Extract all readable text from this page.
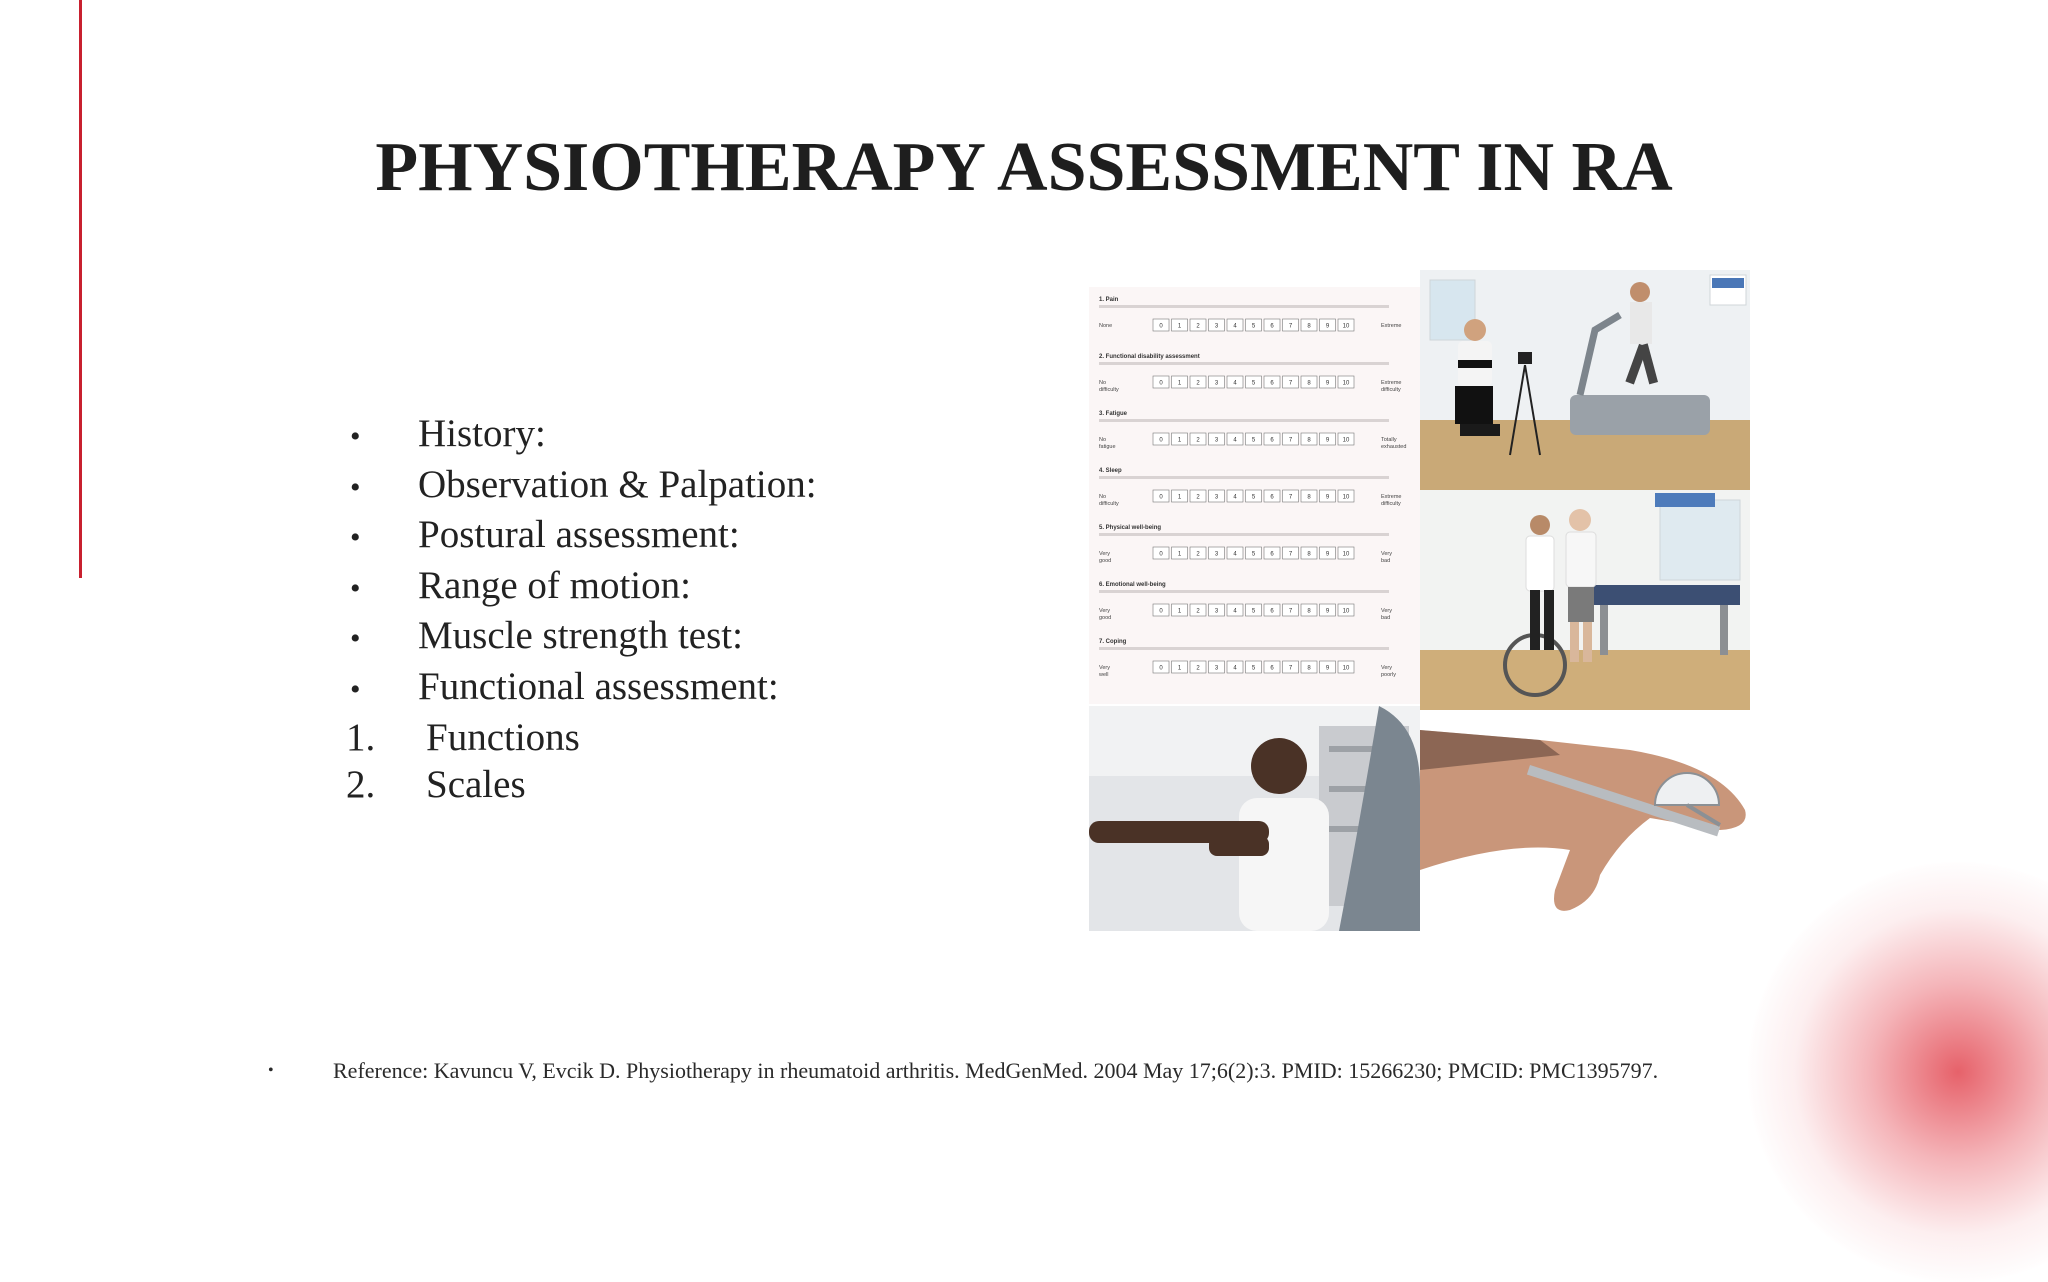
PHYSIOTHERAPY ASSESSMENT IN RA
•	History:
•	Observation & Palpation:
•	Postural assessment:
•	Range of motion:
•	Muscle strength test:
•	Functional assessment:
1.	Functions
2.	Scales
1. Pain
None	Extreme
0	1	2	3	4	5	6	7	8	9 10
2. Functional disability assessment
No
difficulty
Extreme
difficulty
0	1	2	3	4	5	6	7	8	9 10
3. Fatigue
No
fatigue
Totally
exhausted
0	1	2	3	4	5	6	7	8	9 10
4. Sleep
No
difficulty
Extreme
difficulty
0	1	2	3	4	5	6	7	8	9 10
5. Physical well-being
Very
good
Very
bad
0	1	2	3	4	5	6	7	8	9 10
6. Emotional well-being
Very
good
Very
bad
0	1	2	3	4	5	6	7	8	9 10
7. Coping
Very
well
Very
poorly
0	1	2	3	4	5	6	7	8	9 10
•	Reference: Kavuncu V, Evcik D. Physiotherapy in rheumatoid arthritis. MedGenMed. 2004 May 17;6(2):3. PMID: 15266230; PMCID: PMC1395797.
